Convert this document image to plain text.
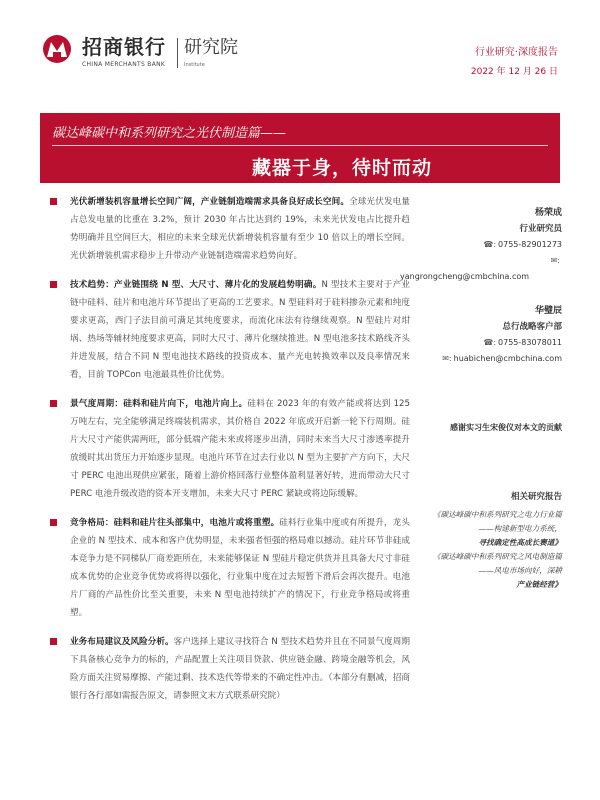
招商银行
CHINA MERCHANTS BANK
研究院
Institute
行业研究·深度报告
2022 年 12 月 26 日
碳达峰碳中和系列研究之光伏制造篇——
藏器于身，待时而动

光伏新增装机容量增长空间广阔，产业链制造端需求具备良好成长空间。全球光伏发电量占总发电量的比重在 3.2%，预计 2030 年占比达到约 19%，未来光伏发电占比提升趋势明确并且空间巨大，相应的未来全球光伏新增装机容量有至少 10 倍以上的增长空间。光伏新增装机需求稳步上升带动产业链制造端需求趋势向好。

技术趋势：产业链围绕 N 型、大尺寸、薄片化的发展趋势明确。N 型技术主要对于产业链中硅料、硅片和电池片环节提出了更高的工艺要求。N 型硅料对于硅料掺杂元素和纯度要求更高，西门子法目前可满足其纯度要求，而流化床法有待继续观察。N 型硅片对坩埚、热场等辅材纯度要求更高，同时大尺寸、薄片化继续推进。N 型电池多技术路线齐头并进发展，结合不同 N 型电池技术路线的投资成本、量产光电转换效率以及良率情况来看，目前 TOPCon 电池最具性价比优势。

景气度周期：硅料和硅片向下，电池片向上。硅料在 2023 年的有效产能或将达到 125 万吨左右，完全能够满足终端装机需求，其价格自 2022 年底或开启新一轮下行周期。硅片大尺寸产能供需两旺，部分低端产能未来或将逐步出清，同时未来当大尺寸渗透率提升放缓时其出货压力开始逐步显现。电池片环节在过去行业以 N 型为主要扩产方向下，大尺寸 PERC 电池出现供应紧张，随着上游价格回落行业整体盈利显著好转，进而带动大尺寸 PERC 电池升级改造的资本开支增加，未来大尺寸 PERC 紧缺或将边际缓解。

竞争格局：硅料和硅片往头部集中，电池片或将重塑。硅料行业集中度或有所提升，龙头企业的 N 型技术、成本和客户优势明显，未来强者恒强的格局难以撼动。硅片环节非硅成本竞争力是不同梯队厂商差距所在，未来能够保证 N 型硅片稳定供货并且具备大尺寸非硅成本优势的企业竞争优势或将得以强化，行业集中度在过去短暂下滑后会再次提升。电池片厂商的产品性价比至关重要，未来 N 型电池持续扩产的情况下，行业竞争格局或将重塑。

业务布局建议及风险分析。客户选择上建议寻找符合 N 型技术趋势并且在不同景气度周期下具备核心竞争力的标的，产品配置上关注项目贷款、供应链金融、跨境金融等机会，风险方面关注贸易摩擦、产能过剩、技术迭代等带来的不确定性冲击。（本部分有删减，招商银行各行部如需报告原文，请参照文末方式联系研究院）

杨荣成
行业研究员
☎: 0755-82901273
✉:
yangrongcheng@cmbchina.com
华璧辰
总行战略客户部
☎: 0755-83078011
✉: huabichen@cmbchina.com
感谢实习生宋俊仪对本文的贡献
相关研究报告
《碳达峰碳中和系列研究之电力行业篇——构建新型电力系统，
寻找确定性高成长赛道》
《碳达峰碳中和系列研究之风电制造篇——风电市场向好，深耕
产业链经营》
